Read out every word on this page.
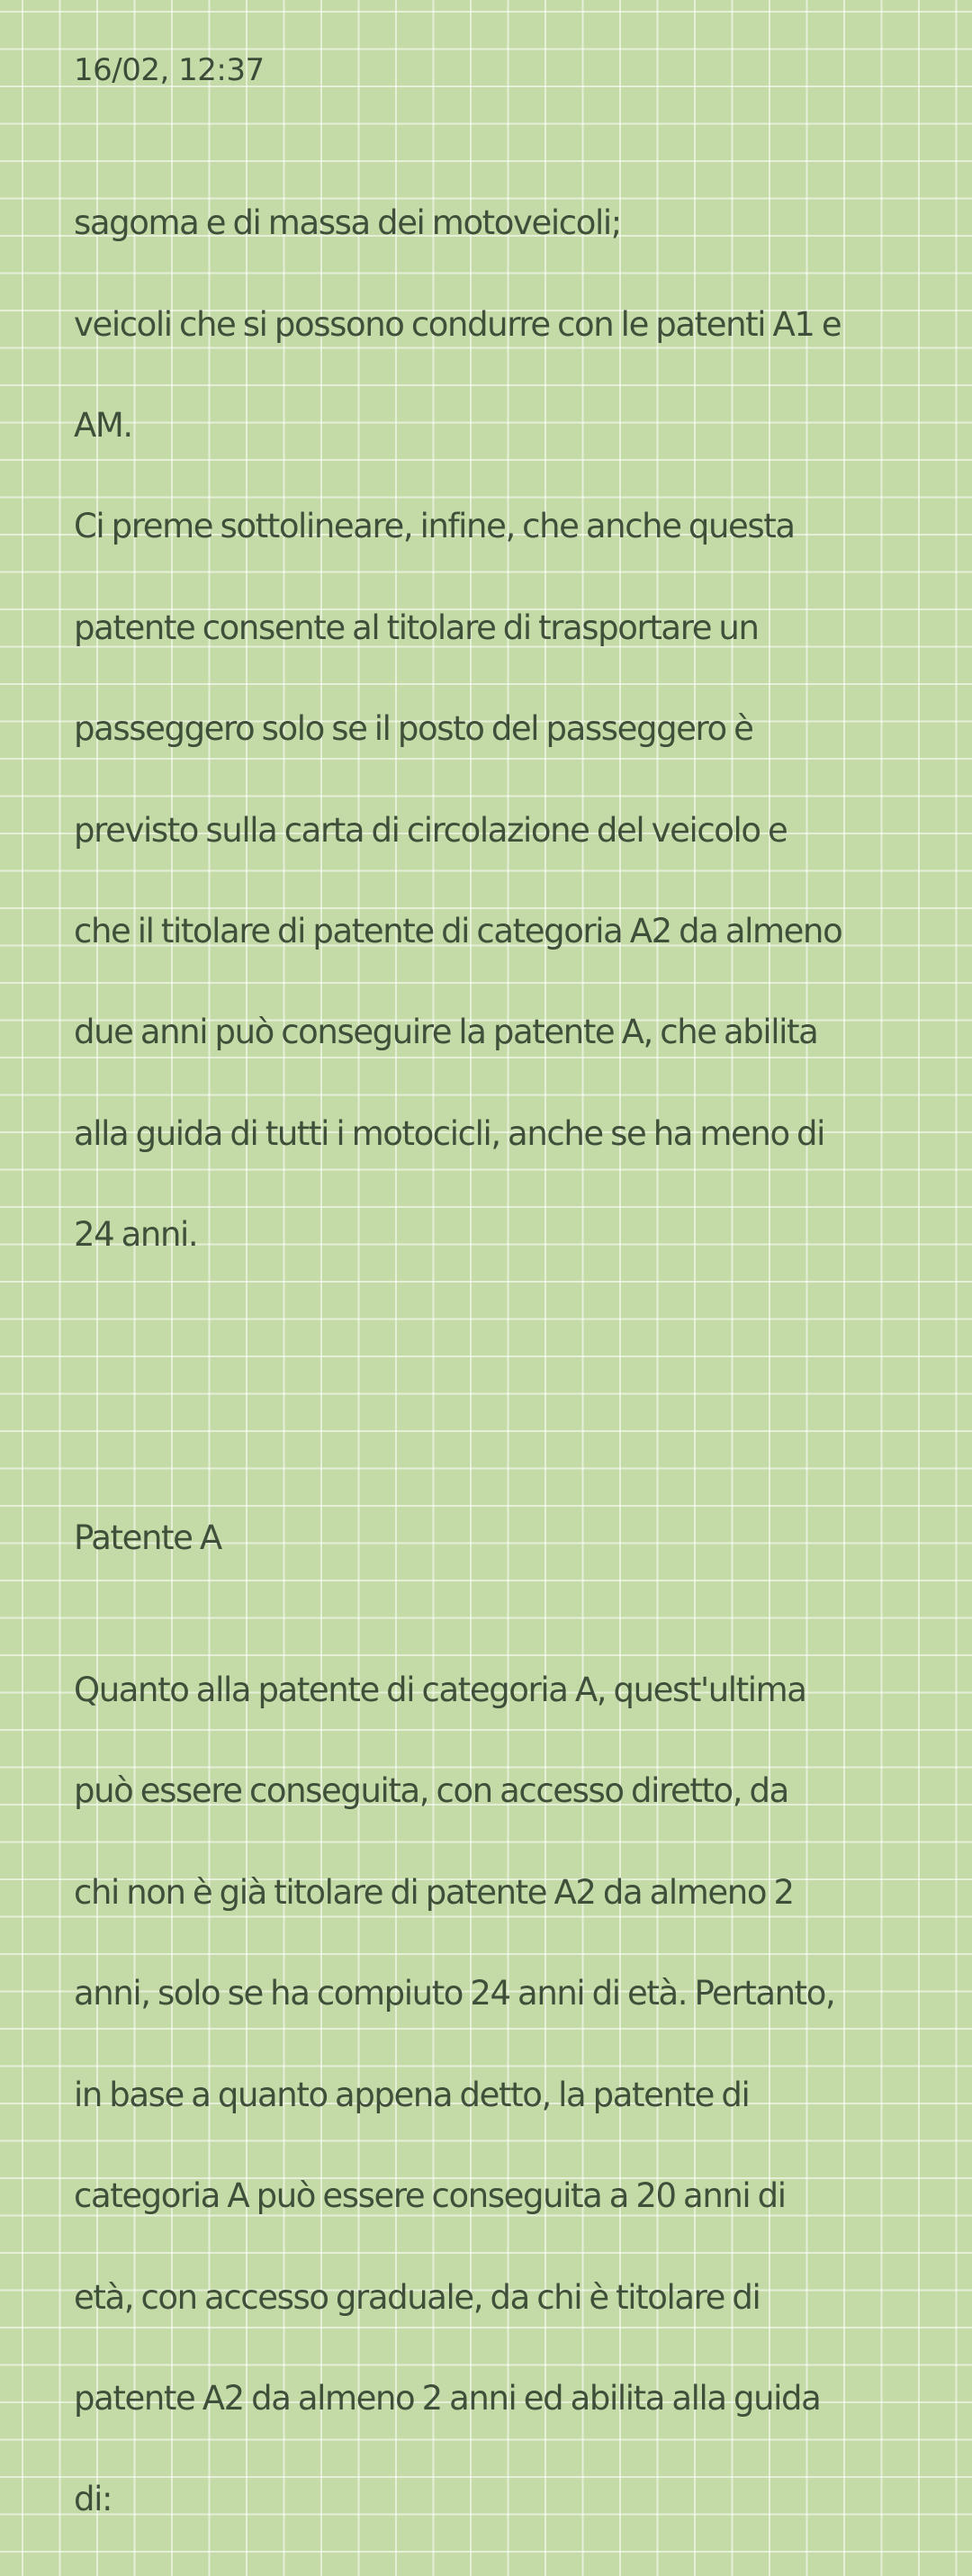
16/02, 12:37

sagoma e di massa dei motoveicoli;

veicoli che si possono condurre con le patenti A1 e

AM.

Ci preme sottolineare, infine, che anche questa

patente consente al titolare di trasportare un

passeggero solo se il posto del passeggero è

previsto sulla carta di circolazione del veicolo e

che il titolare di patente di categoria A2 da almeno

due anni può conseguire la patente A, che abilita

alla guida di tutti i motocicli, anche se ha meno di

24 anni.

Patente A

Quanto alla patente di categoria A, quest'ultima

può essere conseguita, con accesso diretto, da

chi non è già titolare di patente A2 da almeno 2

anni, solo se ha compiuto 24 anni di età. Pertanto,

in base a quanto appena detto, la patente di

categoria A può essere conseguita a 20 anni di

età, con accesso graduale, da chi è titolare di

patente A2 da almeno 2 anni ed abilita alla guida

di:
